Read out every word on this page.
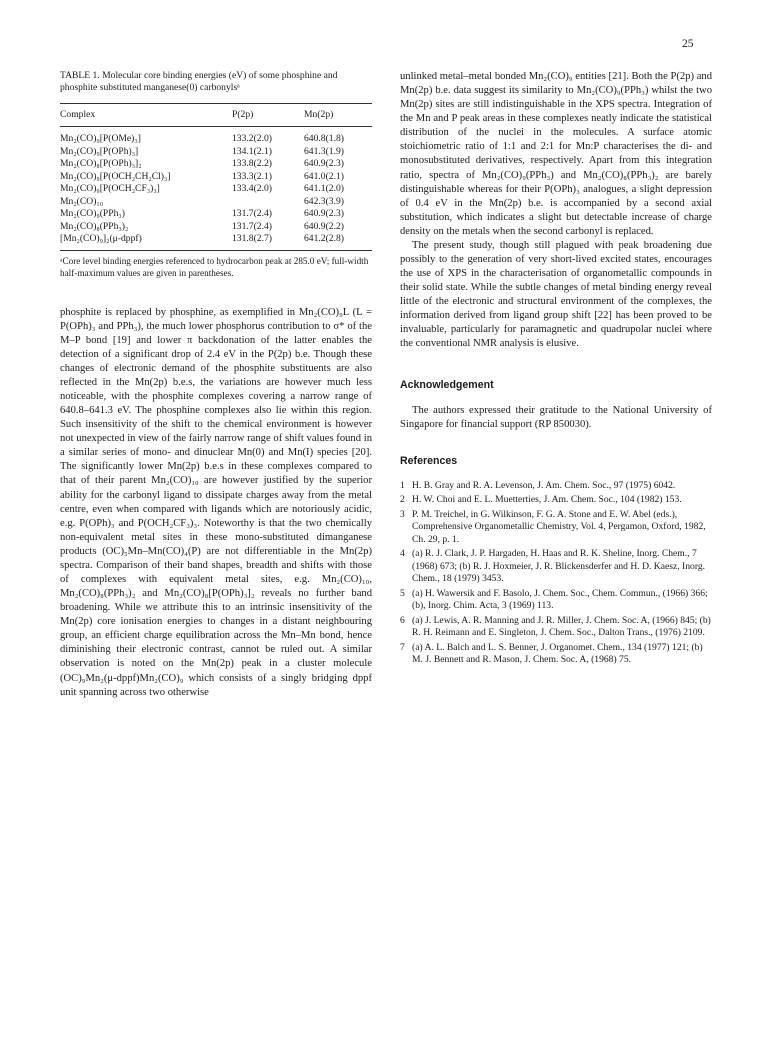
25

TABLE 1. Molecular core binding energies (eV) of some phosphine and phosphite substituted manganese(0) carbonylsᵃ

Complex	P(2p)	Mn(2p)
Mn₂(CO)₉[P(OMe)₃]	133.2(2.0)	640.8(1.8)
Mn₂(CO)₉[P(OPh)₃]	134.1(2.1)	641.3(1.9)
Mn₂(CO)₈[P(OPh)₃]₂	133.8(2.2)	640.9(2.3)
Mn₂(CO)₉[P(OCH₂CH₂Cl)₃]	133.3(2.1)	641.0(2.1)
Mn₂(CO)₉[P(OCH₂CF₃)₃]	133.4(2.0)	641.1(2.0)
Mn₂(CO)₁₀		642.3(3.9)
Mn₂(CO)₉(PPh₃)	131.7(2.4)	640.9(2.3)
Mn₂(CO)₈(PPh₃)₂	131.7(2.4)	640.9(2.2)
[Mn₂(CO)₉]₂(μ-dppf)	131.8(2.7)	641.2(2.8)

ᵃCore level binding energies referenced to hydrocarbon peak at 285.0 eV; full-width half-maximum values are given in parentheses.

phosphite is replaced by phosphine, as exemplified in Mn₂(CO)₉L (L = P(OPh)₃ and PPh₃), the much lower phosphorus contribution to σ* of the M–P bond [19] and lower π backdonation of the latter enables the detection of a significant drop of 2.4 eV in the P(2p) b.e. Though these changes of electronic demand of the phosphite substituents are also reflected in the Mn(2p) b.e.s, the variations are however much less noticeable, with the phosphite complexes covering a narrow range of 640.8–641.3 eV. The phosphine complexes also lie within this region. Such insensitivity of the shift to the chemical environment is however not unexpected in view of the fairly narrow range of shift values found in a similar series of mono- and dinuclear Mn(0) and Mn(I) species [20]. The significantly lower Mn(2p) b.e.s in these complexes compared to that of their parent Mn₂(CO)₁₀ are however justified by the superior ability for the carbonyl ligand to dissipate charges away from the metal centre, even when compared with ligands which are notoriously acidic, e.g. P(OPh)₃ and P(OCH₂CF₃)₃. Noteworthy is that the two chemically non-equivalent metal sites in these mono-substituted dimanganese products (OC)₅Mn–Mn(CO)₄(P) are not differentiable in the Mn(2p) spectra. Comparison of their band shapes, breadth and shifts with those of complexes with equivalent metal sites, e.g. Mn₂(CO)₁₀, Mn₂(CO)₈(PPh₃)₂ and Mn₂(CO)₈[P(OPh)₃]₂ reveals no further band broadening. While we attribute this to an intrinsic insensitivity of the Mn(2p) core ionisation energies to changes in a distant neighbouring group, an efficient charge equilibration across the Mn–Mn bond, hence diminishing their electronic contrast, cannot be ruled out. A similar observation is noted on the Mn(2p) peak in a cluster molecule (OC)₉Mn₂(μ-dppf)Mn₂(CO)₉ which consists of a singly bridging dppf unit spanning across two otherwise

unlinked metal–metal bonded Mn₂(CO)₉ entities [21]. Both the P(2p) and Mn(2p) b.e. data suggest its similarity to Mn₂(CO)₉(PPh₃) whilst the two Mn(2p) sites are still indistinguishable in the XPS spectra. Integration of the Mn and P peak areas in these complexes neatly indicate the statistical distribution of the nuclei in the molecules. A surface atomic stoichiometric ratio of 1:1 and 2:1 for Mn:P characterises the di- and monosubstituted derivatives, respectively. Apart from this integration ratio, spectra of Mn₂(CO)₉(PPh₃) and Mn₂(CO)₈(PPh₃)₂ are barely distinguishable whereas for their P(OPh)₃ analogues, a slight depression of 0.4 eV in the Mn(2p) b.e. is accompanied by a second axial substitution, which indicates a slight but detectable increase of charge density on the metals when the second carbonyl is replaced.

The present study, though still plagued with peak broadening due possibly to the generation of very short-lived excited states, encourages the use of XPS in the characterisation of organometallic compounds in their solid state. While the subtle changes of metal binding energy reveal little of the electronic and structural environment of the complexes, the information derived from ligand group shift [22] has been proved to be invaluable, particularly for paramagnetic and quadrupolar nuclei where the conventional NMR analysis is elusive.

Acknowledgement

The authors expressed their gratitude to the National University of Singapore for financial support (RP 850030).

References
1 H. B. Gray and R. A. Levenson, J. Am. Chem. Soc., 97 (1975) 6042.
2 H. W. Choi and E. L. Muetterties, J. Am. Chem. Soc., 104 (1982) 153.
3 P. M. Treichel, in G. Wilkinson, F. G. A. Stone and E. W. Abel (eds.), Comprehensive Organometallic Chemistry, Vol. 4, Pergamon, Oxford, 1982, Ch. 29, p. 1.
4 (a) R. J. Clark, J. P. Hargaden, H. Haas and R. K. Sheline, Inorg. Chem., 7 (1968) 673; (b) R. J. Hoxmeier, J. R. Blickensderfer and H. D. Kaesz, Inorg. Chem., 18 (1979) 3453.
5 (a) H. Wawersik and F. Basolo, J. Chem. Soc., Chem. Commun., (1966) 366; (b), Inorg. Chim. Acta, 3 (1969) 113.
6 (a) J. Lewis, A. R. Manning and J. R. Miller, J. Chem. Soc. A, (1966) 845; (b) R. H. Reimann and E. Singleton, J. Chem. Soc., Dalton Trans., (1976) 2109.
7 (a) A. L. Balch and L. S. Benner, J. Organomet. Chem., 134 (1977) 121; (b) M. J. Bennett and R. Mason, J. Chem. Soc. A, (1968) 75.
